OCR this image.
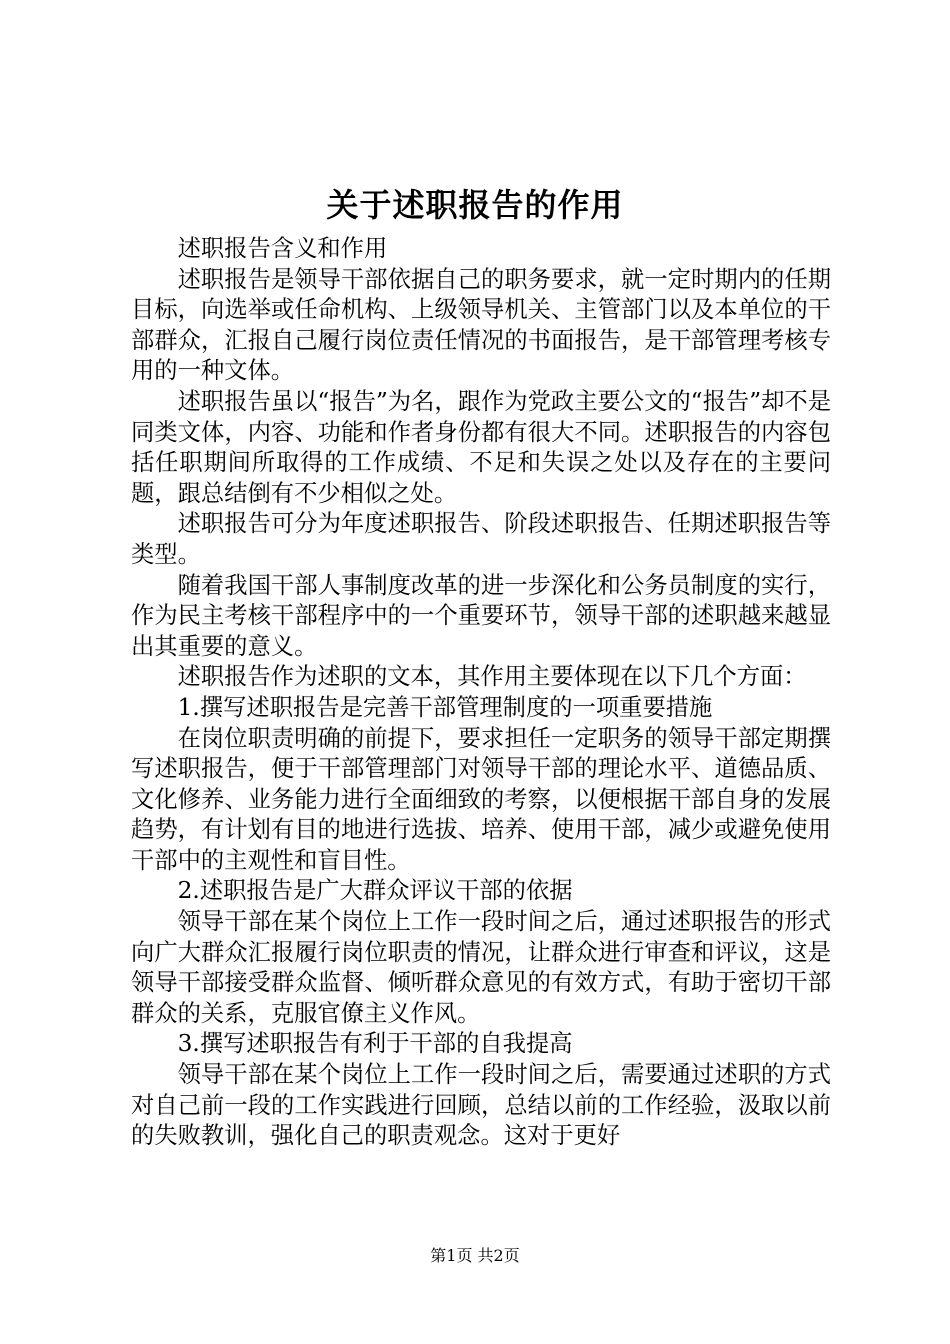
关于述职报告的作用

述职报告含义和作用

述职报告是领导干部依据自己的职务要求，就一定时期内的任期目标，向选举或任命机构、上级领导机关、主管部门以及本单位的干部群众，汇报自己履行岗位责任情况的书面报告，是干部管理考核专用的一种文体。

述职报告虽以“报告”为名，跟作为党政主要公文的“报告”却不是同类文体，内容、功能和作者身份都有很大不同。述职报告的内容包括任职期间所取得的工作成绩、不足和失误之处以及存在的主要问题，跟总结倒有不少相似之处。

述职报告可分为年度述职报告、阶段述职报告、任期述职报告等类型。

随着我国干部人事制度改革的进一步深化和公务员制度的实行，作为民主考核干部程序中的一个重要环节，领导干部的述职越来越显出其重要的意义。

述职报告作为述职的文本，其作用主要体现在以下几个方面：

1.撰写述职报告是完善干部管理制度的一项重要措施

在岗位职责明确的前提下，要求担任一定职务的领导干部定期撰写述职报告，便于干部管理部门对领导干部的理论水平、道德品质、文化修养、业务能力进行全面细致的考察，以便根据干部自身的发展趋势，有计划有目的地进行选拔、培养、使用干部，减少或避免使用干部中的主观性和盲目性。

2.述职报告是广大群众评议干部的依据

领导干部在某个岗位上工作一段时间之后，通过述职报告的形式向广大群众汇报履行岗位职责的情况，让群众进行审查和评议，这是领导干部接受群众监督、倾听群众意见的有效方式，有助于密切干部群众的关系，克服官僚主义作风。

3.撰写述职报告有利于干部的自我提高

领导干部在某个岗位上工作一段时间之后，需要通过述职的方式对自己前一段的工作实践进行回顾，总结以前的工作经验，汲取以前的失败教训，强化自己的职责观念。这对于更好

第1页 共2页
